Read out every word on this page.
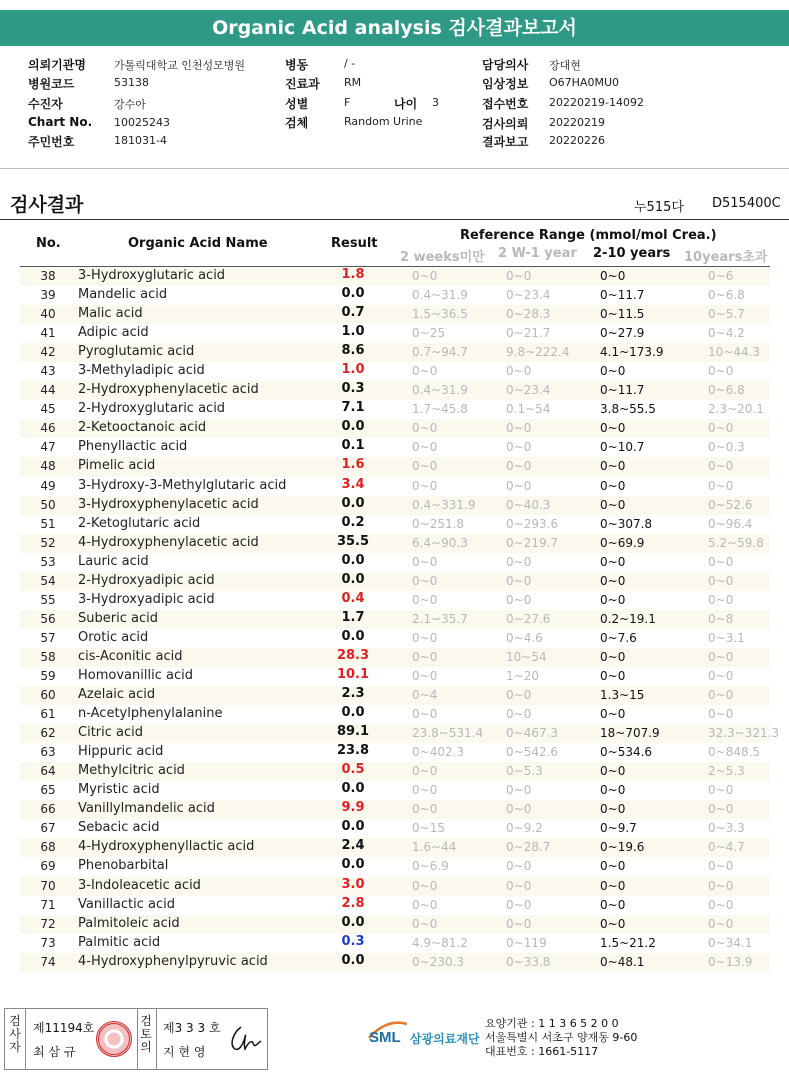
Organic Acid analysis 검사결과보고서
의뢰기관명	가톨릭대학교 인천성모병원
병원코드	53138
수진자	강수아
Chart No. 10025243
주민번호	181031-4
병동	/ -
진료과 RM
성별	F	나이 3
검체	Random Urine
담당의사 장대현
임상정보 O67HA0MU0
접수번호 20220219-14092
검사의뢰 20220219
결과보고 20220226
검사결과	누515다 D515400C
No.	Organic Acid Name	Result
Reference Range (mmol/mol Crea.)
2 weeks미만 2 W-1 year 2-10 years 10years초과
38	3-Hydroxyglutaric acid	1.8	0~0	0~0	0~0	0~6
39	Mandelic acid	0.0	0.4~31.9	0~23.4	0~11.7	0~6.8
40	Malic acid	0.7	1.5~36.5	0~28.3	0~11.5	0~5.7
41	Adipic acid	1.0	0~25	0~21.7	0~27.9	0~4.2
42	Pyroglutamic acid	8.6	0.7~94.7	9.8~222.4	4.1~173.9	10~44.3
43	3-Methyladipic acid	1.0	0~0	0~0	0~0	0~0
44	2-Hydroxyphenylacetic acid	0.3	0.4~31.9	0~23.4	0~11.7	0~6.8
45	2-Hydroxyglutaric acid	7.1	1.7~45.8	0.1~54	3.8~55.5	2.3~20.1
46	2-Ketooctanoic acid	0.0	0~0	0~0	0~0	0~0
47	Phenyllactic acid	0.1	0~0	0~0	0~10.7	0~0.3
48	Pimelic acid	1.6	0~0	0~0	0~0	0~0
49	3-Hydroxy-3-Methylglutaric acid	3.4	0~0	0~0	0~0	0~0
50	3-Hydroxyphenylacetic acid	0.0	0.4~331.9	0~40.3	0~0	0~52.6
51	2-Ketoglutaric acid	0.2	0~251.8	0~293.6	0~307.8	0~96.4
52	4-Hydroxyphenylacetic acid	35.5	6.4~90.3	0~219.7	0~69.9	5.2~59.8
53	Lauric acid	0.0	0~0	0~0	0~0	0~0
54	2-Hydroxyadipic acid	0.0	0~0	0~0	0~0	0~0
55	3-Hydroxyadipic acid	0.4	0~0	0~0	0~0	0~0
56	Suberic acid	1.7	2.1~35.7	0~27.6	0.2~19.1	0~8
57	Orotic acid	0.0	0~0	0~4.6	0~7.6	0~3.1
58	cis-Aconitic acid	28.3	0~0	10~54	0~0	0~0
59	Homovanillic acid	10.1	0~0	1~20	0~0	0~0
60	Azelaic acid	2.3	0~4	0~0	1.3~15	0~0
61	n-Acetylphenylalanine	0.0	0~0	0~0	0~0	0~0
62	Citric acid	89.1	23.8~531.4	0~467.3	18~707.9	32.3~321.3
63	Hippuric acid	23.8	0~402.3	0~542.6	0~534.6	0~848.5
64	Methylcitric acid	0.5	0~0	0~5.3	0~0	2~5.3
65	Myristic acid	0.0	0~0	0~0	0~0	0~0
66	Vanillylmandelic acid	9.9	0~0	0~0	0~0	0~0
67	Sebacic acid	0.0	0~15	0~9.2	0~9.7	0~3.3
68	4-Hydroxyphenyllactic acid	2.4	1.6~44	0~28.7	0~19.6	0~4.7
69	Phenobarbital	0.0	0~6.9	0~0	0~0	0~0
70	3-Indoleacetic acid	3.0	0~0	0~0	0~0	0~0
71	Vanillactic acid	2.8	0~0	0~0	0~0	0~0
72	Palmitoleic acid	0.0	0~0	0~0	0~0	0~0
73	Palmitic acid	0.3	4.9~81.2	0~119	1.5~21.2	0~34.1
74	4-Hydroxyphenylpyruvic acid	0.0	0~230.3	0~33.8	0~48.1	0~13.9
검사자
제11194호
최 삼 규
검토의
제3 3 3 호
지 현 영
SML 삼광의료재단
요양기관 : 1 1 3 6 5 2 0 0
서울특별시 서초구 양재동 9-60
대표번호 : 1661-5117
